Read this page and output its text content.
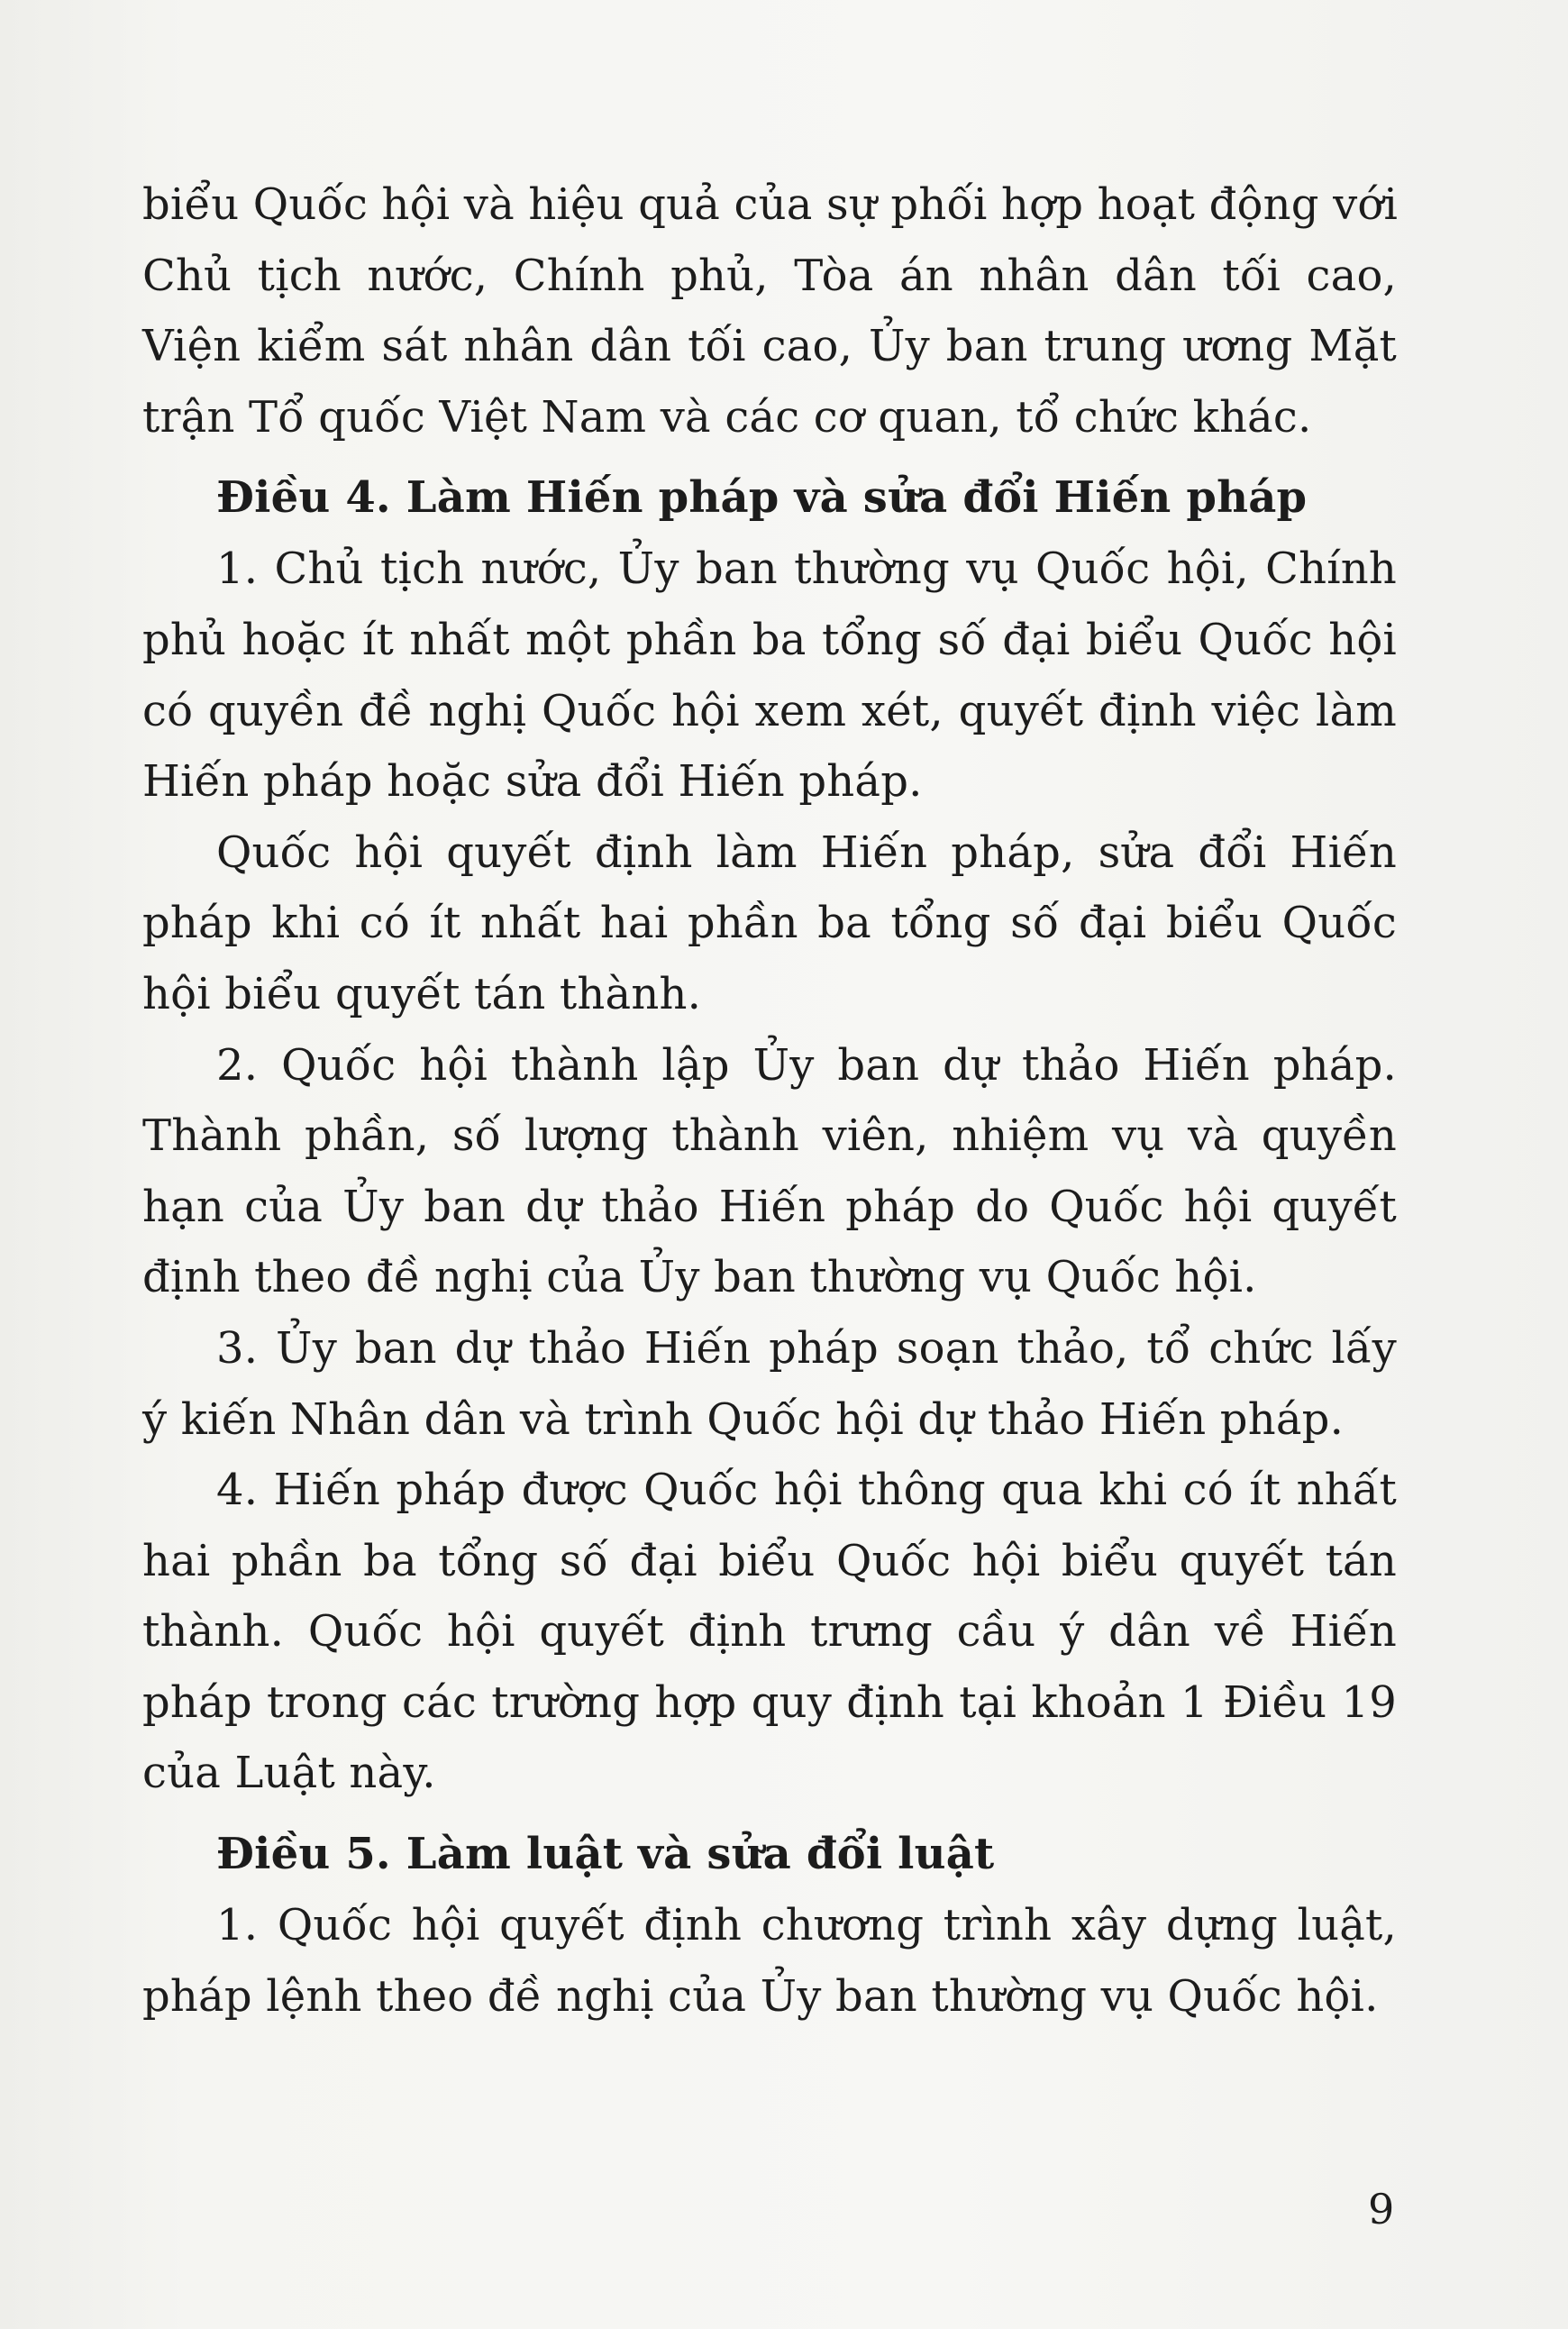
biểu Quốc hội và hiệu quả của sự phối hợp hoạt động với
Chủ tịch nước, Chính phủ, Tòa án nhân dân tối cao,
Viện kiểm sát nhân dân tối cao, Ủy ban trung ương Mặt
trận Tổ quốc Việt Nam và các cơ quan, tổ chức khác.
Điều 4. Làm Hiến pháp và sửa đổi Hiến pháp
1. Chủ tịch nước, Ủy ban thường vụ Quốc hội, Chính
phủ hoặc ít nhất một phần ba tổng số đại biểu Quốc hội
có quyền đề nghị Quốc hội xem xét, quyết định việc làm
Hiến pháp hoặc sửa đổi Hiến pháp.
Quốc hội quyết định làm Hiến pháp, sửa đổi Hiến
pháp khi có ít nhất hai phần ba tổng số đại biểu Quốc
hội biểu quyết tán thành.
2. Quốc hội thành lập Ủy ban dự thảo Hiến pháp.
Thành phần, số lượng thành viên, nhiệm vụ và quyền
hạn của Ủy ban dự thảo Hiến pháp do Quốc hội quyết
định theo đề nghị của Ủy ban thường vụ Quốc hội.
3. Ủy ban dự thảo Hiến pháp soạn thảo, tổ chức lấy
ý kiến Nhân dân và trình Quốc hội dự thảo Hiến pháp.
4. Hiến pháp được Quốc hội thông qua khi có ít nhất
hai phần ba tổng số đại biểu Quốc hội biểu quyết tán
thành. Quốc hội quyết định trưng cầu ý dân về Hiến
pháp trong các trường hợp quy định tại khoản 1 Điều 19
của Luật này.
Điều 5. Làm luật và sửa đổi luật
1. Quốc hội quyết định chương trình xây dựng luật,
pháp lệnh theo đề nghị của Ủy ban thường vụ Quốc hội.
9
